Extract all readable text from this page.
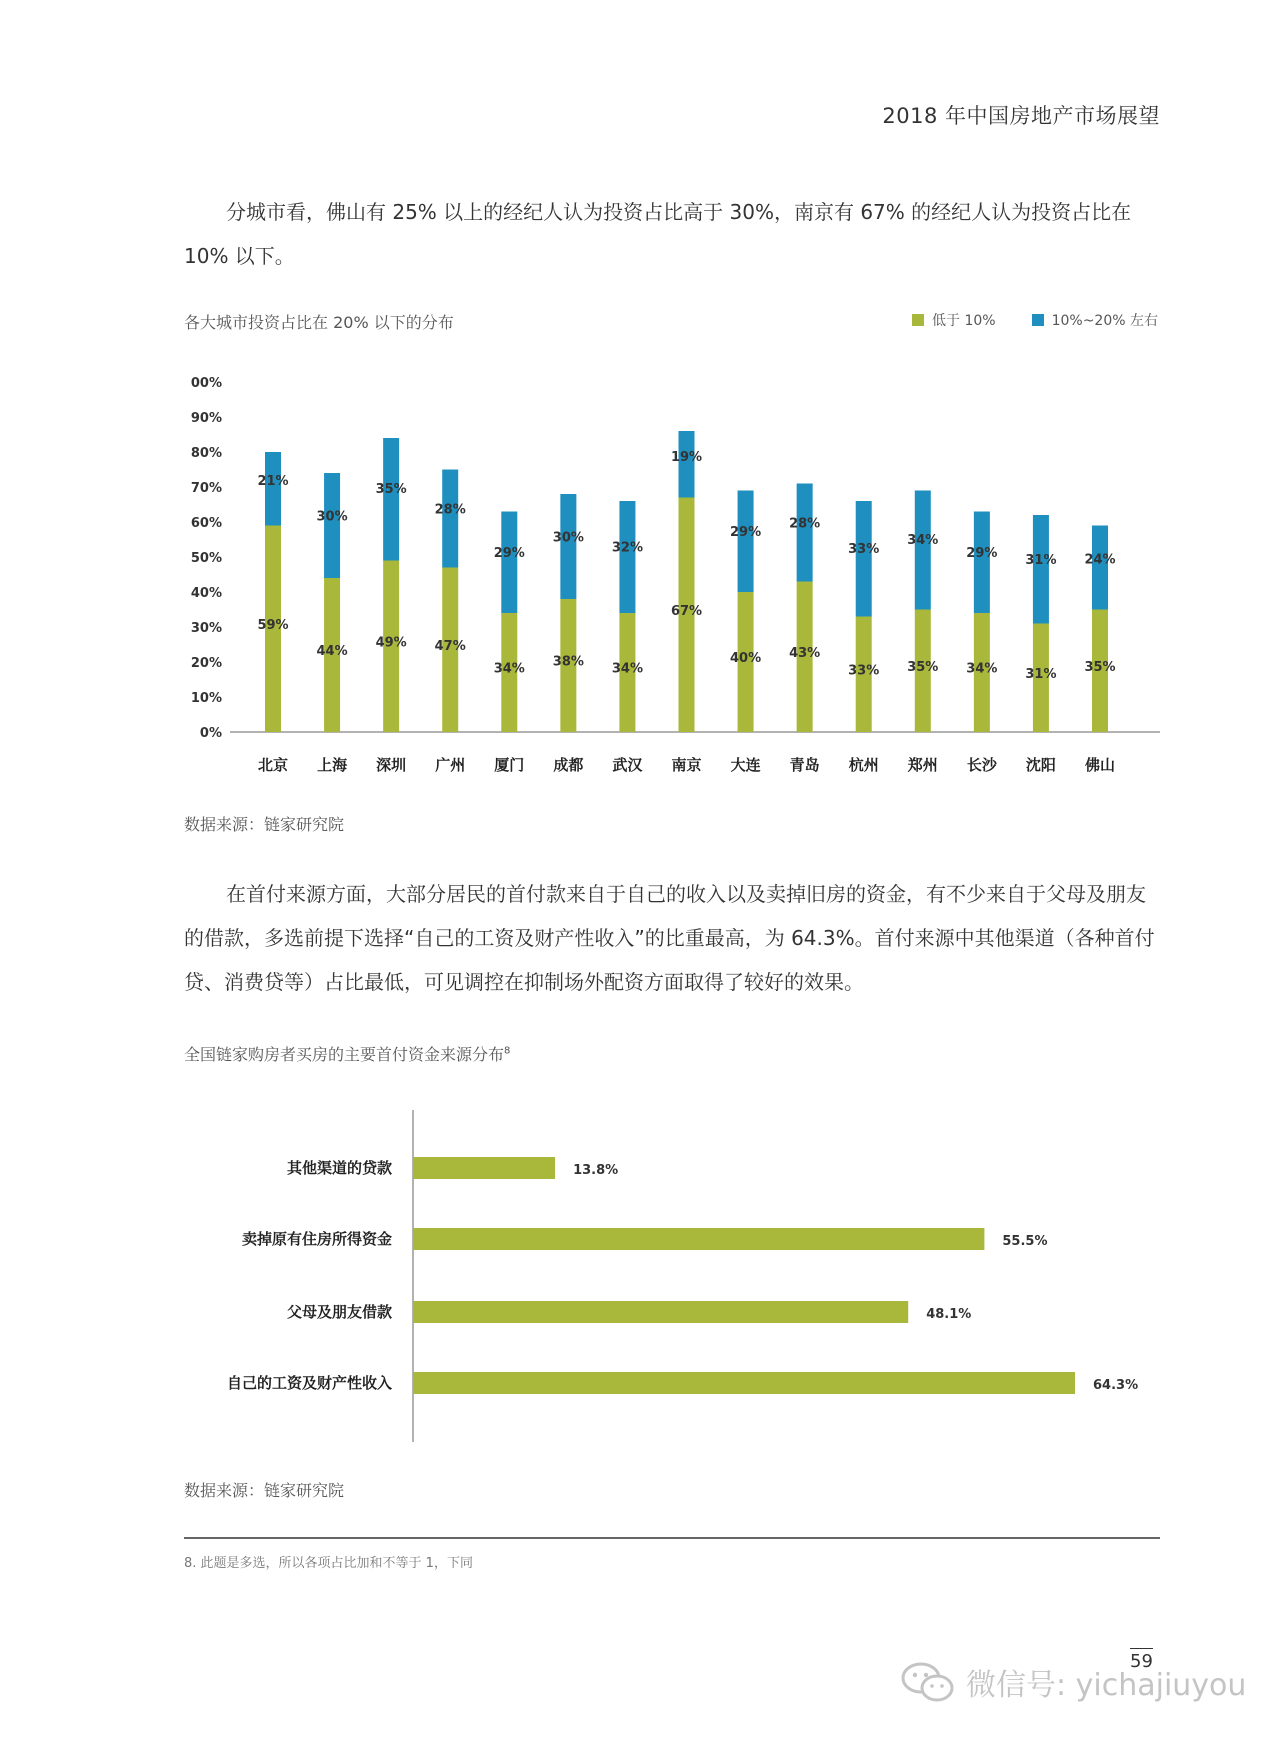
2018 年中国房地产市场展望
分城市看，佛山有 25% 以上的经纪人认为投资占比高于 30%，南京有 67% 的经纪人认为投资占比在 10% 以下。
各大城市投资占比在 20% 以下的分布	低于 10%	10%~20% 左右
0%
10%
20%
30%
40%
50%
60%
70%
80%
90%
00%
59%
21%
北京
44%
30%
上海
49%
35%
深圳
47%
28%
广州
34%
29%
厦门
38%
30%
成都
34%
32%
武汉
67%
19%
南京
40%
29%
大连
43%
28%
青岛
33%
33%
杭州
35%
34%
郑州
34%
29%
长沙
31%
31%
沈阳
35%
24%
佛山
数据来源：链家研究院
在首付来源方面，大部分居民的首付款来自于自己的收入以及卖掉旧房的资金，有不少来自于父母及朋友的借款，多选前提下选择“自己的工资及财产性收入”的比重最高，为 64.3%。首付来源中其他渠道（各种首付贷、消费贷等）占比最低，可见调控在抑制场外配资方面取得了较好的效果。
全国链家购房者买房的主要首付资金来源分布$^8$
其他渠道的贷款	13.8%
卖掉原有住房所得资金	55.5%
父母及朋友借款	48.1%
自己的工资及财产性收入	64.3%
数据来源：链家研究院
8. 此题是多选，所以各项占比加和不等于 1，下同
59
微信号: yichajiuyou
